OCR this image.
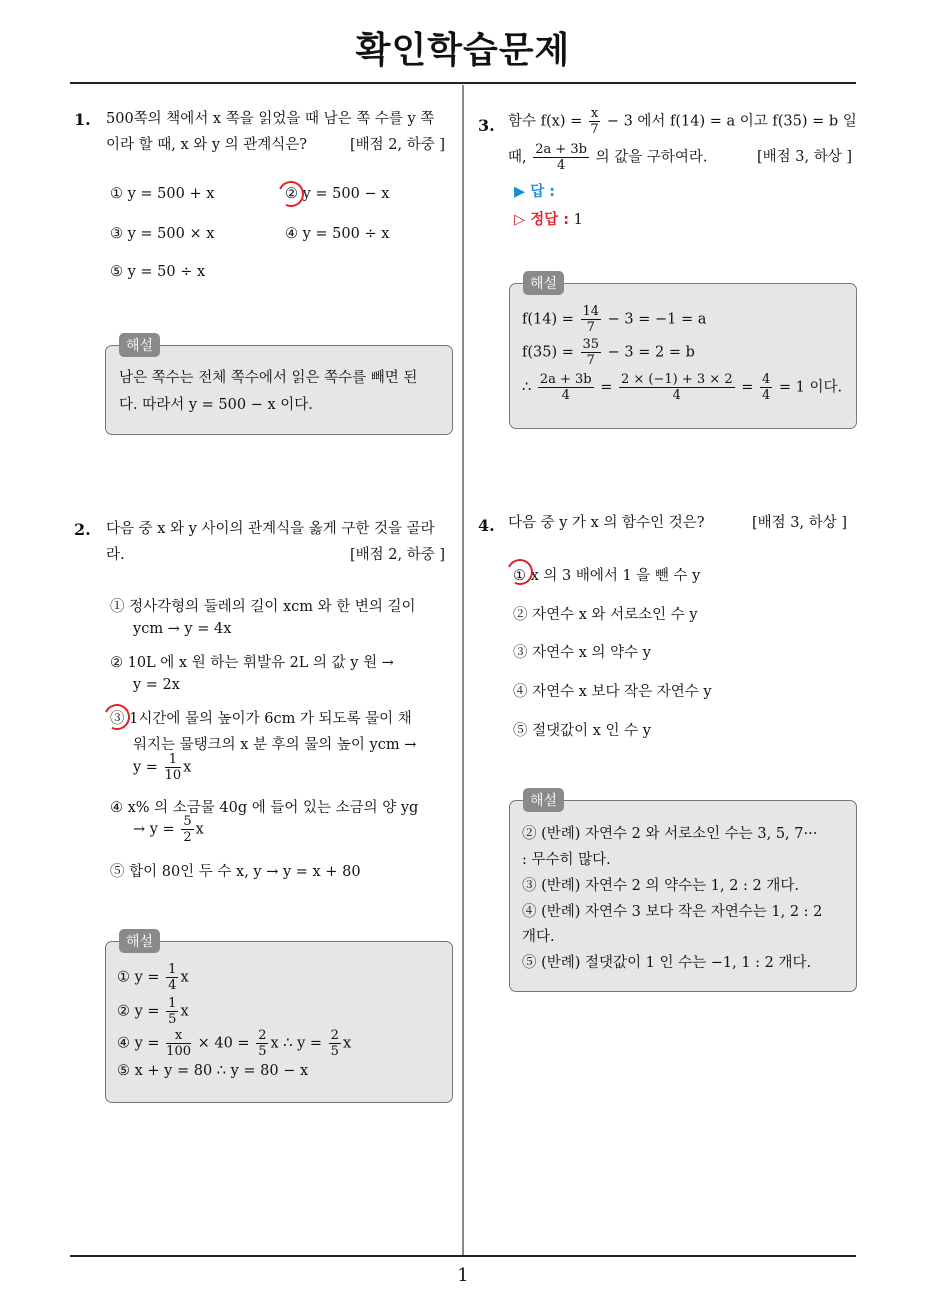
확인학습문제
1
1. 500쪽의 책에서 x 쪽을 읽었을 때 남은 쪽 수를 y 쪽
이라 할 때, x 와 y 의 관계식은?	[배점 2, 하중 ]
① y = 500 + x	② y = 500 − x
③ y = 500 × x	④ y = 500 ÷ x
⑤ y = 50 ÷ x
해설
남은 쪽수는 전체 쪽수에서 읽은 쪽수를 빼면 된
다. 따라서 y = 500 − x 이다.
2. 다음 중 x 와 y 사이의 관계식을 옳게 구한 것을 골라
라.	[배점 2, 하중 ]
① 정사각형의 둘레의 길이 xcm 와 한 변의 길이
ycm → y = 4x
② 10L 에 x 원 하는 휘발유 2L 의 값 y 원 →
y = 2x
③ 1시간에 물의 높이가 6cm 가 되도록 물이 채
워지는 물탱크의 x 분 후의 물의 높이 ycm →
$y = \frac{1}{10}$ x
④ x% 의 소금물 40g 에 들어 있는 소금의 양 yg
→ $y = \frac{5}{2}$ x
⑤ 합이 80인 두 수 x, y → y = x + 80
해설
① $y = \frac{1}{4}$ x
② $y = \frac{1}{5}$ x
④ $y = \frac{x}{100} \times 40 = \frac{2}{5}$ x ∴ $y = \frac{2}{5}$ x
⑤ x + y = 80 ∴ y = 80 − x
3. 함수 $f(x) = \frac{x}{7} - 3$ 에서 f(14) = a 이고 f(35) = b 일
때, $\frac{2a + 3b}{4}$ 의 값을 구하여라.	[배점 3, 하상 ]
▶ 답 :
▷ 정답 : 1
해설
$f(14) = \frac{14}{7} - 3 = -1 = a$
$f(35) = \frac{35}{7} - 3 = 2 = b$
∴ $\frac{2a + 3b}{4} = \frac{2 \times (-1) + 3 \times 2}{4} = \frac{4}{4} = 1$ 이다.
4. 다음 중 y 가 x 의 함수인 것은?	[배점 3, 하상 ]
① x 의 3 배에서 1 을 뺀 수 y
② 자연수 x 와 서로소인 수 y
③ 자연수 x 의 약수 y
④ 자연수 x 보다 작은 자연수 y
⑤ 절댓값이 x 인 수 y
해설
② (반례) 자연수 2 와 서로소인 수는 3, 5, 7···
: 무수히 많다.
③ (반례) 자연수 2 의 약수는 1, 2 : 2 개다.
④ (반례) 자연수 3 보다 작은 자연수는 1, 2 : 2
개다.
⑤ (반례) 절댓값이 1 인 수는 −1, 1 : 2 개다.
